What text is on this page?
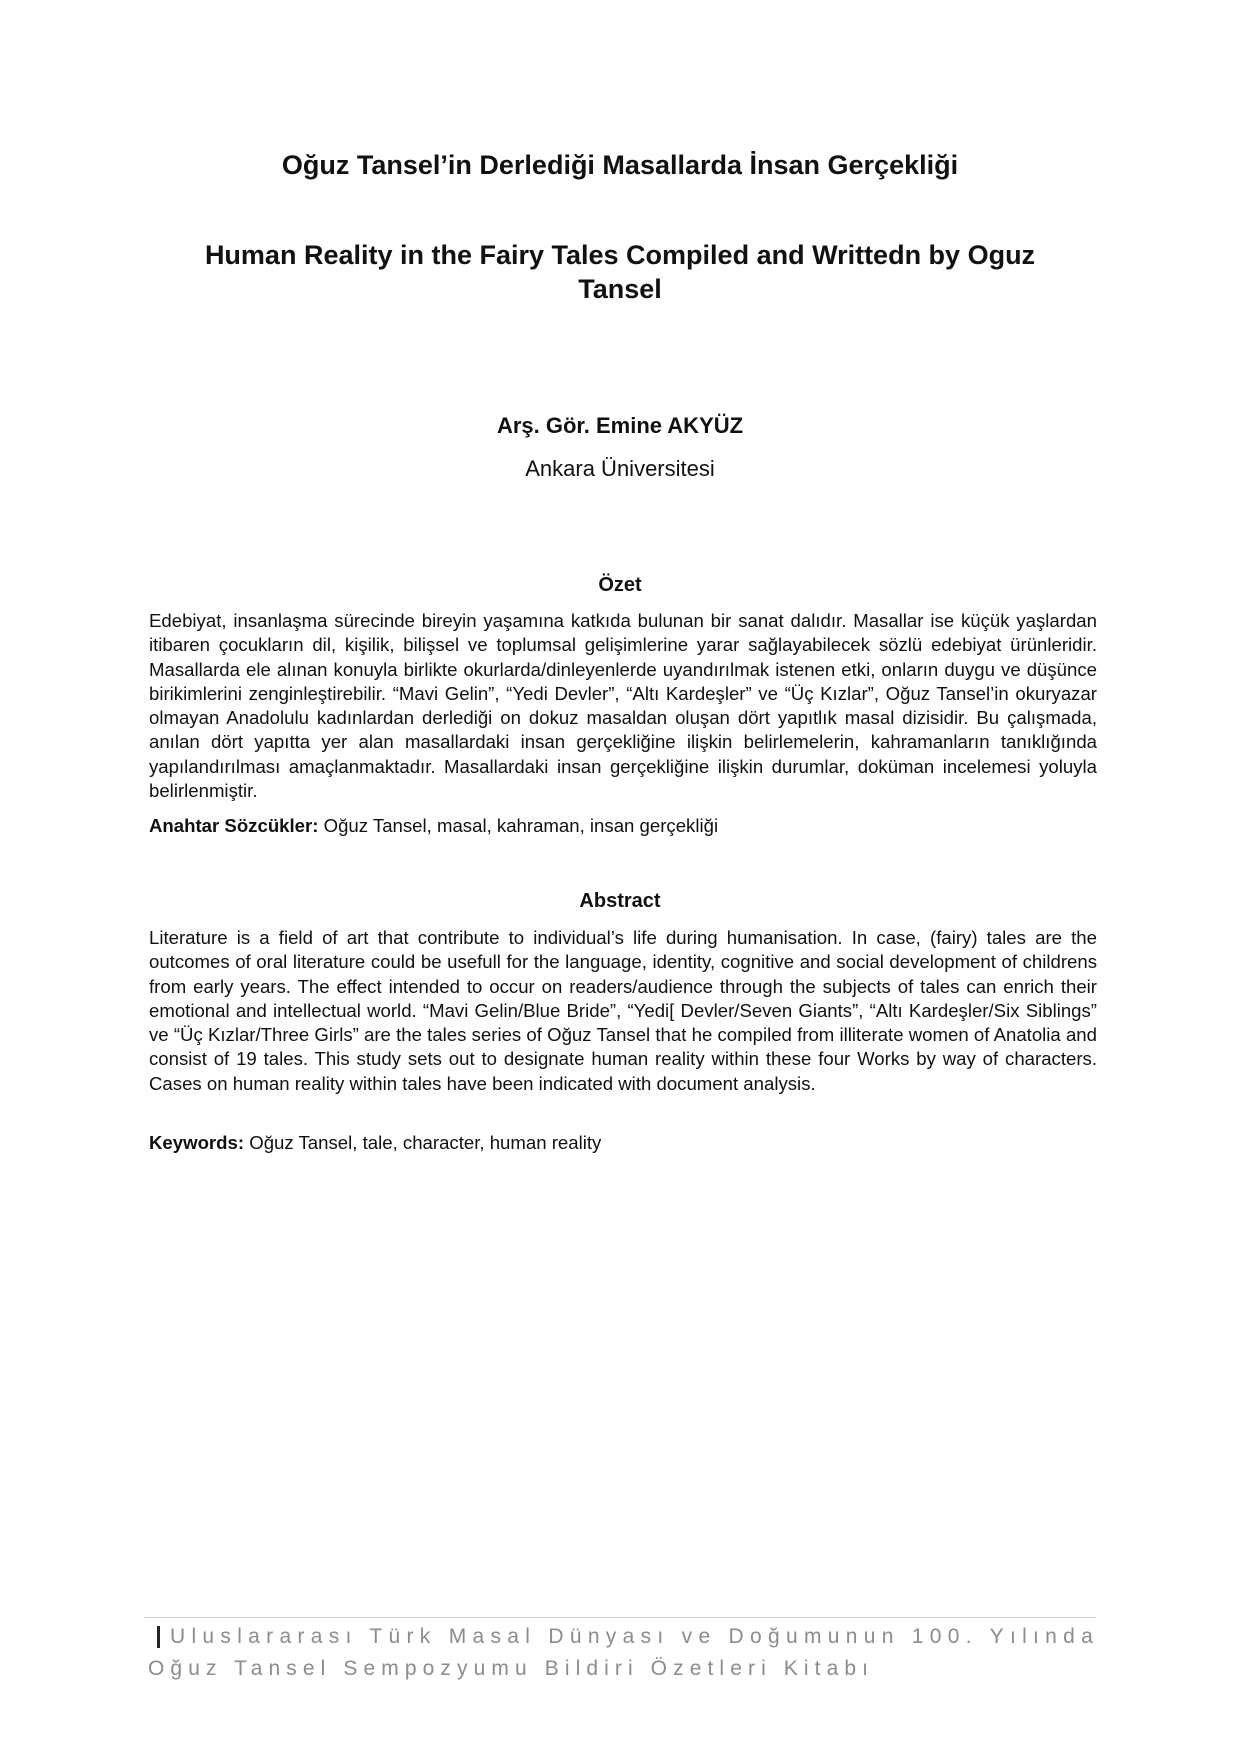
Oğuz Tansel’in Derlediği Masallarda İnsan Gerçekliği
Human Reality in the Fairy Tales Compiled and Writtedn by Oguz Tansel
Arş. Gör. Emine AKYÜZ
Ankara Üniversitesi
Özet

Edebiyat, insanlaşma sürecinde bireyin yaşamına katkıda bulunan bir sanat dalıdır. Masallar ise küçük yaşlardan itibaren çocukların dil, kişilik, bilişsel ve toplumsal gelişimlerine yarar sağlayabilecek sözlü edebiyat ürünleridir. Masallarda ele alınan konuyla birlikte okurlarda/dinleyenlerde uyandırılmak istenen etki, onların duygu ve düşünce birikimlerini zenginleştirebilir. “Mavi Gelin”, “Yedi Devler”, “Altı Kardeşler” ve “Üç Kızlar”, Oğuz Tansel’in okuryazar olmayan Anadolulu kadınlardan derlediği on dokuz masaldan oluşan dört yapıtlık masal dizisidir. Bu çalışmada, anılan dört yapıtta yer alan masallardaki insan gerçekliğine ilişkin belirlemelerin, kahramanların tanıklığında yapılandırılması amaçlanmaktadır. Masallardaki insan gerçekliğine ilişkin durumlar, doküman incelemesi yoluyla belirlenmiştir.

Anahtar Sözcükler: Oğuz Tansel, masal, kahraman, insan gerçekliği
Abstract

Literature is a field of art that contribute to individual’s life during humanisation. In case, (fairy) tales are the outcomes of oral literature could be usefull for the language, identity, cognitive and social development of childrens from early years. The effect intended to occur on readers/audience through the subjects of tales can enrich their emotional and intellectual world. “Mavi Gelin/Blue Bride”, “Yedi[ Devler/Seven Giants”, “Altı Kardeşler/Six Siblings” ve “Üç Kızlar/Three Girls” are the tales series of Oğuz Tansel that he compiled from illiterate women of Anatolia and consist of 19 tales. This study sets out to designate human reality within these four Works by way of characters. Cases on human reality within tales have been indicated with document analysis.

Keywords: Oğuz Tansel, tale, character, human reality
Uluslararası Türk Masal Dünyası ve Doğumunun 100. Yılında
Oğuz Tansel Sempozyumu Bildiri Özetleri Kitabı
